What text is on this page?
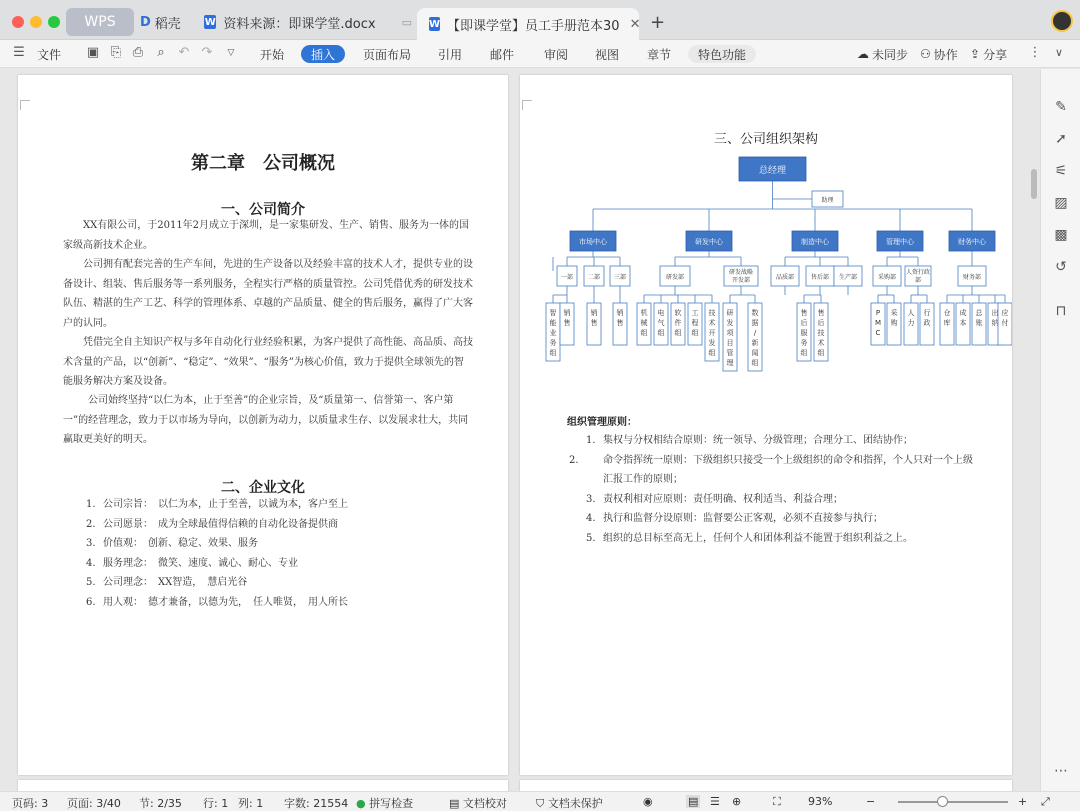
WPS	D 稻壳 W 资料来源：即课学堂.docx ▭ W 【即课学堂】员工手册范本30 ✕ +
☰ 文件 ▣ ⎘ ⎙ ⌕ ↶ ↷	▽ 开始	插入	页面布局 引用 邮件 审阅 视图 章节	特色功能	☁ 未同步 ⚇ 协作 ⇪ 分享 ⋮ ∨
第二章　公司概况
一、公司简介
XX有限公司，于2011年2月成立于深圳，是一家集研发、生产、销售、服务为一体的国家级高新技术企业。
公司拥有配套完善的生产车间，先进的生产设备以及经验丰富的技术人才，提供专业的设备设计、组装、售后服务等一系列服务，全程实行严格的质量管控。公司凭借优秀的研发技术队伍、精湛的生产工艺、科学的管理体系、卓越的产品质量、健全的售后服务，赢得了广大客户的认同。
凭借完全自主知识产权与多年自动化行业经验积累，为客户提供了高性能、高品质、高技术含量的产品，以“创新”、“稳定”、“效果”、“服务”为核心价值，致力于提供全球领先的智能服务解决方案及设备。
公司始终坚持“以仁为本，止于至善”的企业宗旨，及“质量第一、信誉第一、客户第一”的经营理念，致力于以市场为导向，以创新为动力，以质量求生存、以发展求壮大，共同赢取更美好的明天。
二、企业文化
1. 公司宗旨：　以仁为本，止于至善，以诚为本，客户至上
2. 公司愿景：　成为全球最值得信赖的自动化设备提供商
3. 价值观：　创新、稳定、效果、服务
4. 服务理念：　微笑、速度、诚心、耐心、专业
5. 公司理念：　XX智造，　慧启光谷
6. 用人观：　德才兼备，以德为先，　任人唯贤，　用人所长
三、公司组织架构
总经理
助理
市场中心	研发中心	制造中心	管理中心	财务中心
一部 二部 三部	研发部
研发战略
开发部	品质部	售后部 生产部	采购部
人资行政
部	财务部
智
能
业
务
组
销
售
销
售
销
售
机
械
组
电
气
组
软
件
组
工
程
组
技
术
开
发
组
研
发
项
目
管
理
数
据
/
新
闻
组
售
后
服
务
组
售
后
技
术
组
P
M
C
采
购
人
力
行
政
仓
库
成
本
总
账
出
纳
应
付
组织管理原则：
1. 集权与分权相结合原则：统一领导、分级管理；合理分工、团结协作；
2. 命令指挥统一原则：下级组织只接受一个上级组织的命令和指挥，个人只对一个上级汇报工作的原则；
3. 责权利相对应原则：责任明确、权利适当、利益合理；
4. 执行和监督分设原则：监督要公正客观，必须不直接参与执行；
5. 组织的总目标至高无上，任何个人和团体利益不能置于组织利益之上。
✎
➚
⚟
▨
▩
↺
⊓
⋯
页码: 3 页面: 3/40 节: 2/35 行: 1 列: 1 字数: 21554 ● 拼写检查	▤ 文档校对	⛉ 文档未保护	◉	▤ ☰ ⊕	⛶ 93%	−	+ ⤢
